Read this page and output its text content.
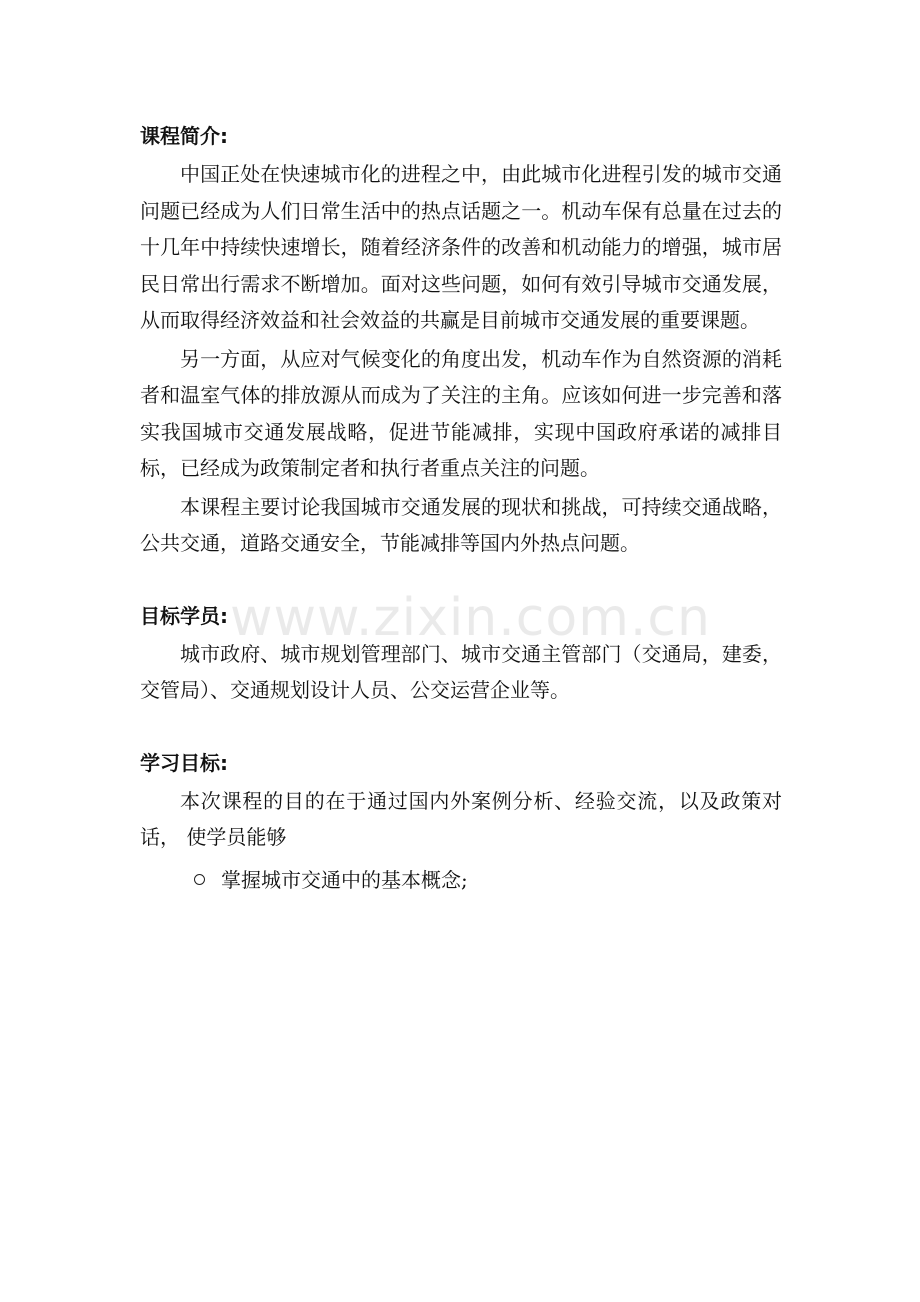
www.zixin.com.cn
课程简介:

中国正处在快速城市化的进程之中，由此城市化进程引发的城市交通问题已经成为人们日常生活中的热点话题之一。机动车保有总量在过去的十几年中持续快速增长，随着经济条件的改善和机动能力的增强，城市居民日常出行需求不断增加。面对这些问题，如何有效引导城市交通发展，从而取得经济效益和社会效益的共赢是目前城市交通发展的重要课题。

另一方面，从应对气候变化的角度出发，机动车作为自然资源的消耗者和温室气体的排放源从而成为了关注的主角。应该如何进一步完善和落实我国城市交通发展战略，促进节能减排，实现中国政府承诺的减排目标，已经成为政策制定者和执行者重点关注的问题。

本课程主要讨论我国城市交通发展的现状和挑战，可持续交通战略，公共交通，道路交通安全，节能减排等国内外热点问题。

目标学员:

城市政府、城市规划管理部门、城市交通主管部门（交通局，建委，交管局）、交通规划设计人员、公交运营企业等。

学习目标:

本次课程的目的在于通过国内外案例分析、经验交流，以及政策对话， 使学员能够

掌握城市交通中的基本概念;
